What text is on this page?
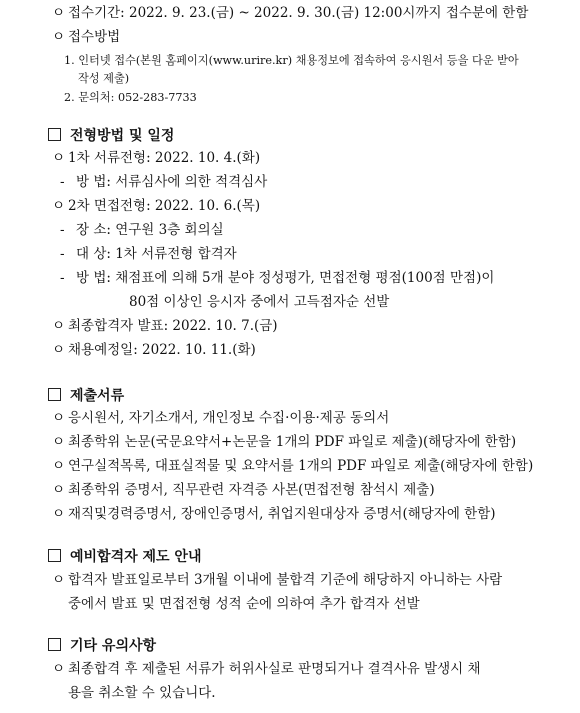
ㅇ 접수기간: 2022. 9. 23.(금) ~ 2022. 9. 30.(금) 12:00시까지 접수분에 한함
ㅇ 접수방법
1. 인터넷 접수(본원 홈페이지(www.urire.kr) 채용정보에 접속하여 응시원서 등을 다운 받아
작성 제출)
2. 문의처: 052-283-7733
전형방법 및 일정
ㅇ 1차 서류전형: 2022. 10. 4.(화)
- 방 법: 서류심사에 의한 적격심사
ㅇ 2차 면접전형: 2022. 10. 6.(목)
- 장 소: 연구원 3층 회의실
- 대 상: 1차 서류전형 합격자
- 방 법: 채점표에 의해 5개 분야 정성평가, 면접전형 평점(100점 만점)이
80점 이상인 응시자 중에서 고득점자순 선발
ㅇ 최종합격자 발표: 2022. 10. 7.(금)
ㅇ 채용예정일: 2022. 10. 11.(화)
제출서류
ㅇ 응시원서, 자기소개서, 개인정보 수집·이용·제공 동의서
ㅇ 최종학위 논문(국문요약서+논문을 1개의 PDF 파일로 제출)(해당자에 한함)
ㅇ 연구실적목록, 대표실적물 및 요약서를 1개의 PDF 파일로 제출(해당자에 한함)
ㅇ 최종학위 증명서, 직무관련 자격증 사본(면접전형 참석시 제출)
ㅇ 재직및경력증명서, 장애인증명서, 취업지원대상자 증명서(해당자에 한함)
예비합격자 제도 안내
ㅇ 합격자 발표일로부터 3개월 이내에 불합격 기준에 해당하지 아니하는 사람
중에서 발표 및 면접전형 성적 순에 의하여 추가 합격자 선발
기타 유의사항
ㅇ 최종합격 후 제출된 서류가 허위사실로 판명되거나 결격사유 발생시 채
용을 취소할 수 있습니다.
